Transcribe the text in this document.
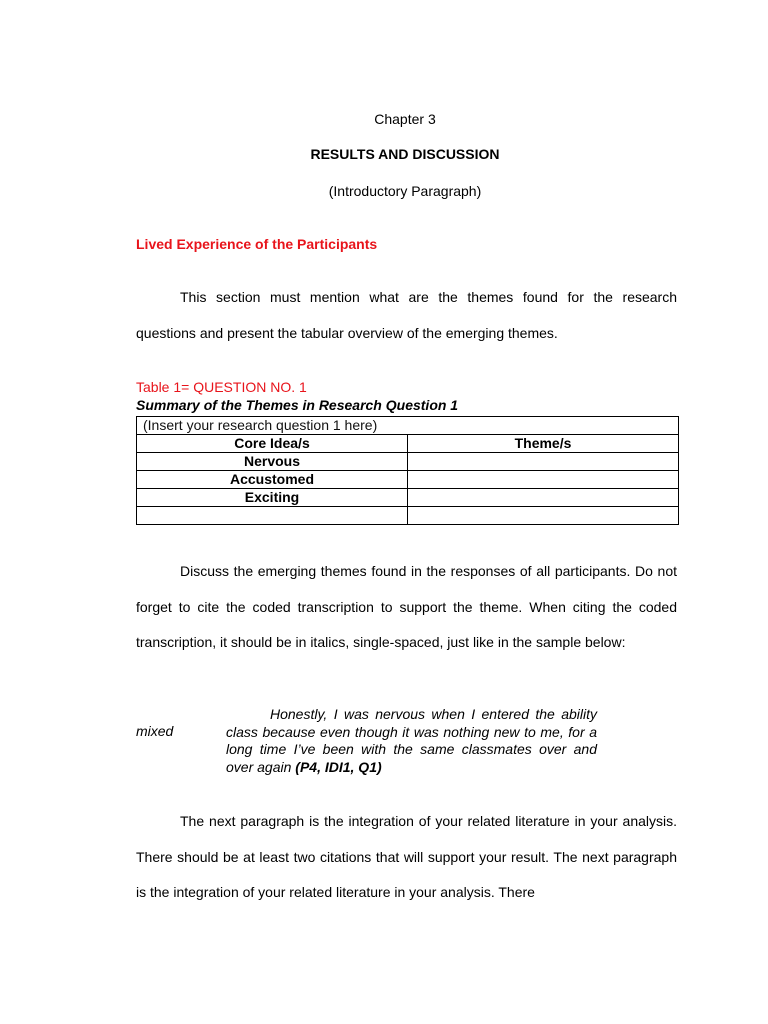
Chapter 3
RESULTS AND DISCUSSION
(Introductory Paragraph)
Lived Experience of the Participants

This section must mention what are the themes found for the research questions and present the tabular overview of the emerging themes.

Table 1= QUESTION NO. 1
Summary of the Themes in Research Question 1
(Insert your research question 1 here)	
Core Idea/s	Theme/s
Nervous	
Accustomed	
Exciting	

Discuss the emerging themes found in the responses of all participants. Do not forget to cite the coded transcription to support the theme. When citing the coded transcription, it should be in italics, single-spaced, just like in the sample below:

mixed
Honestly, I was nervous when I entered the ability class because even though it was nothing new to me, for a long time I’ve been with the same classmates over and over again (P4, IDI1, Q1)

The next paragraph is the integration of your related literature in your analysis. There should be at least two citations that will support your result. The next paragraph is the integration of your related literature in your analysis. There
